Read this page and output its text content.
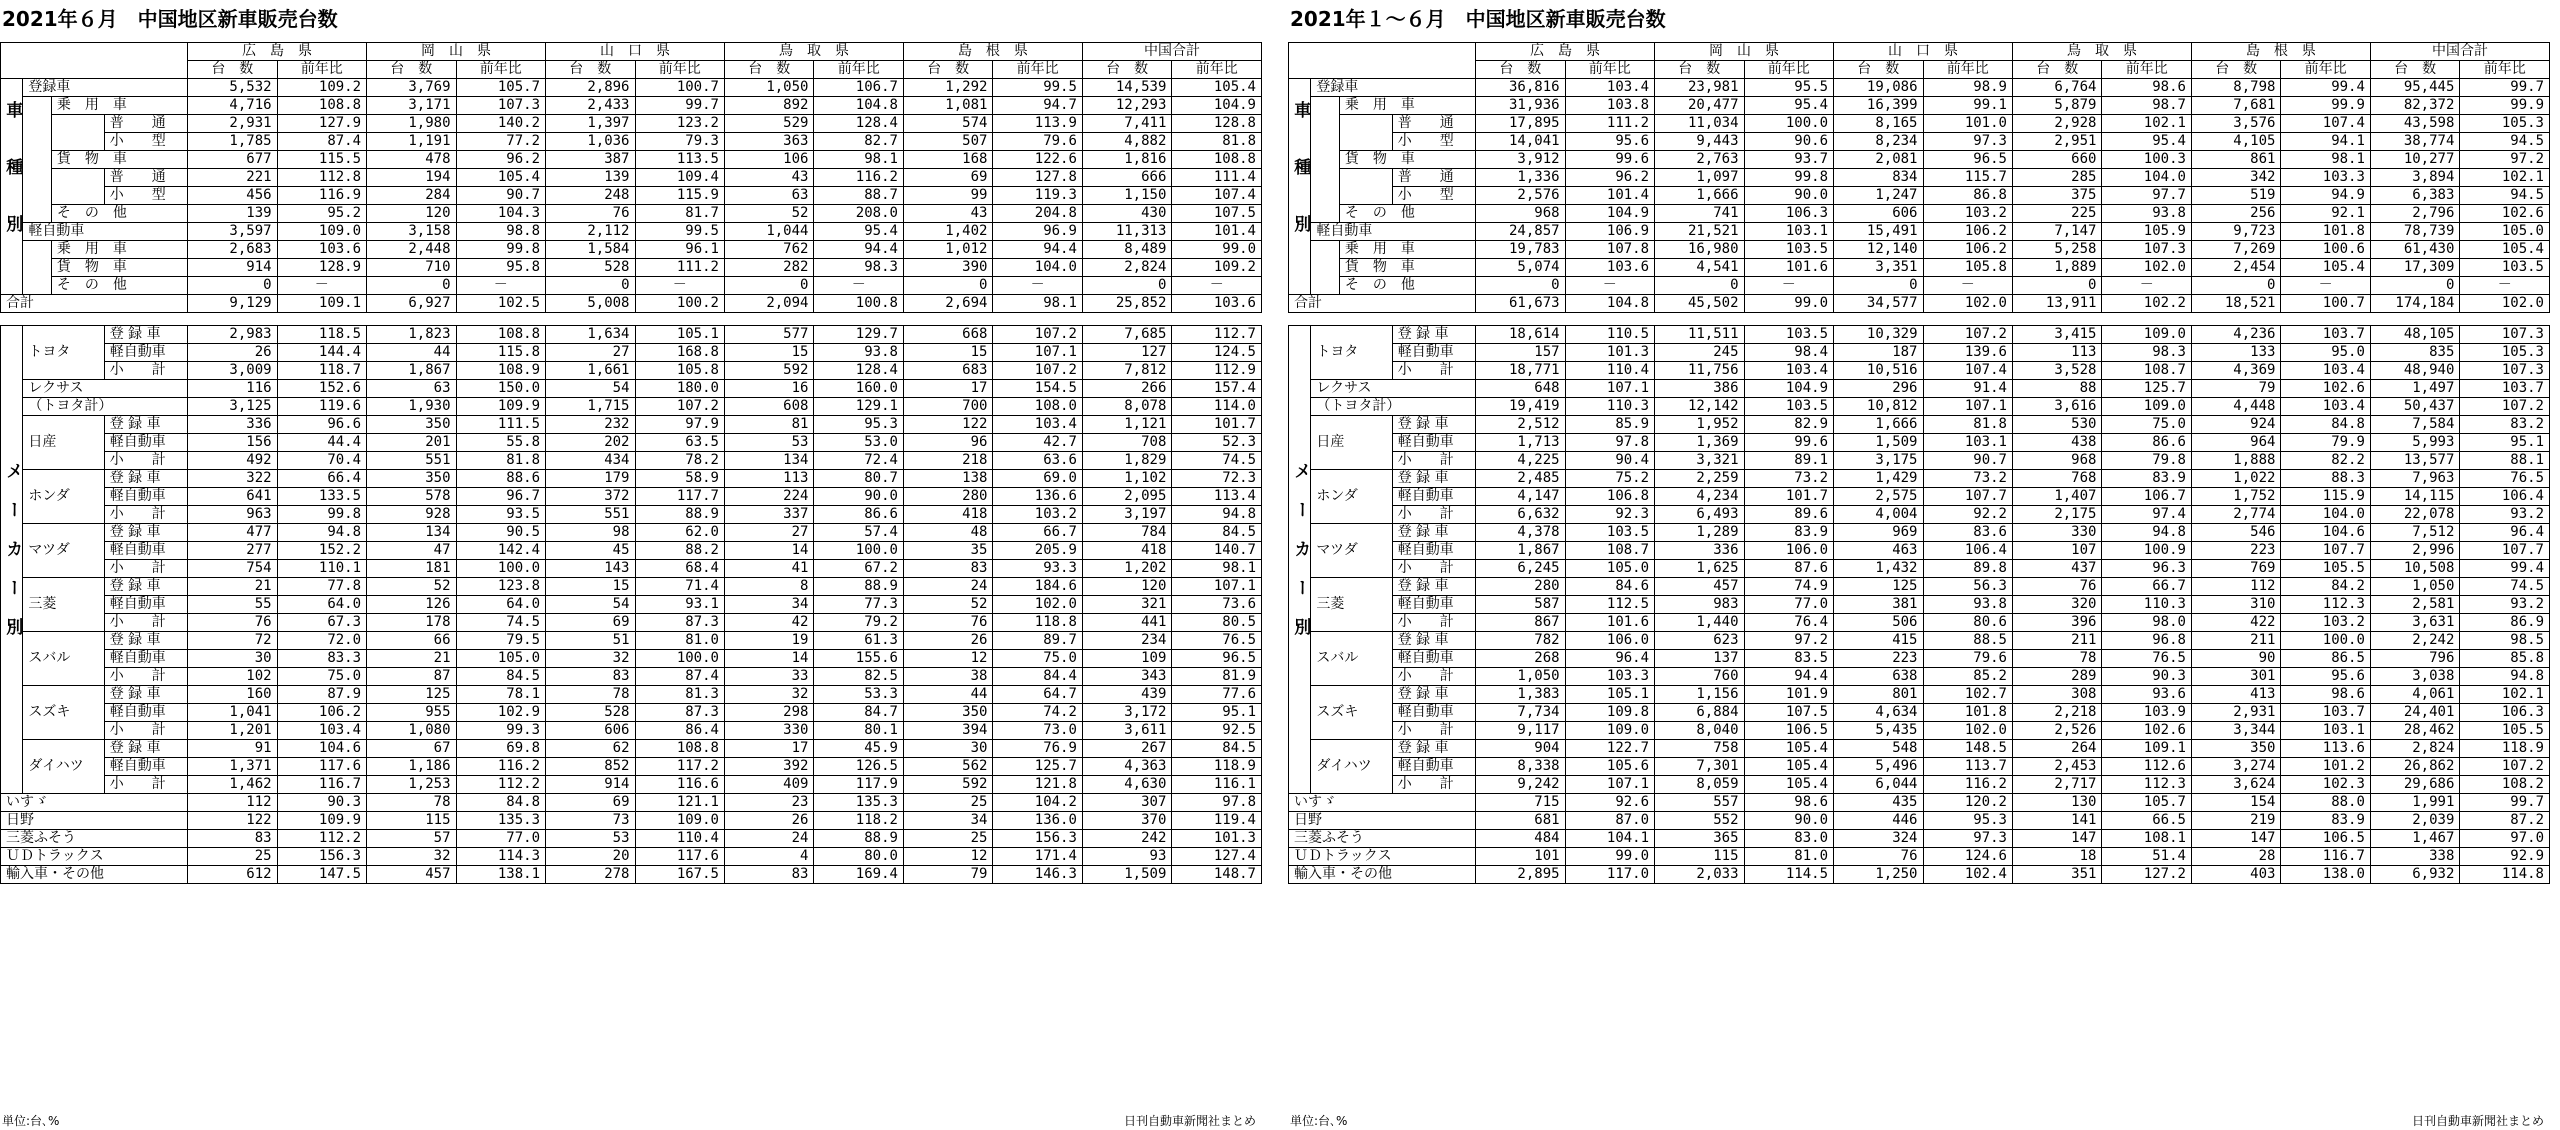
2021年６月　中国地区新車販売台数
				広　島　県		岡　山　県		山　口　県		鳥　取　県		島　根　県		中国合計	
				台　数	前年比	台　数	前年比	台　数	前年比	台　数	前年比	台　数	前年比	台　数	前年比
車種別	登録車			5,532	109.2	3,769	105.7	2,896	100.7	1,050	106.7	1,292	99.5	14,539	105.4
		乗　用　車		4,716	108.8	3,171	107.3	2,433	99.7	892	104.8	1,081	94.7	12,293	104.9
			普　　通	2,931	127.9	1,980	140.2	1,397	123.2	529	128.4	574	113.9	7,411	128.8
			小　　型	1,785	87.4	1,191	77.2	1,036	79.3	363	82.7	507	79.6	4,882	81.8
		貨　物　車		677	115.5	478	96.2	387	113.5	106	98.1	168	122.6	1,816	108.8
			普　　通	221	112.8	194	105.4	139	109.4	43	116.2	69	127.8	666	111.4
			小　　型	456	116.9	284	90.7	248	115.9	63	88.7	99	119.3	1,150	107.4
		そ　の　他		139	95.2	120	104.3	76	81.7	52	208.0	43	204.8	430	107.5
	軽自動車			3,597	109.0	3,158	98.8	2,112	99.5	1,044	95.4	1,402	96.9	11,313	101.4
		乗　用　車		2,683	103.6	2,448	99.8	1,584	96.1	762	94.4	1,012	94.4	8,489	99.0
		貨　物　車		914	128.9	710	95.8	528	111.2	282	98.3	390	104.0	2,824	109.2
		そ　の　他		0	－	0	－	0	－	0	－	0	－	0	－
合計				9,129	109.1	6,927	102.5	5,008	100.2	2,094	100.8	2,694	98.1	25,852	103.6

メーカー別	トヨタ		登 録 車	2,983	118.5	1,823	108.8	1,634	105.1	577	129.7	668	107.2	7,685	112.7
			軽自動車	26	144.4	44	115.8	27	168.8	15	93.8	15	107.1	127	124.5
			小　　計	3,009	118.7	1,867	108.9	1,661	105.8	592	128.4	683	107.2	7,812	112.9
	レクサス			116	152.6	63	150.0	54	180.0	16	160.0	17	154.5	266	157.4
	（トヨタ計）			3,125	119.6	1,930	109.9	1,715	107.2	608	129.1	700	108.0	8,078	114.0
	日産		登 録 車	336	96.6	350	111.5	232	97.9	81	95.3	122	103.4	1,121	101.7
			軽自動車	156	44.4	201	55.8	202	63.5	53	53.0	96	42.7	708	52.3
			小　　計	492	70.4	551	81.8	434	78.2	134	72.4	218	63.6	1,829	74.5
	ホンダ		登 録 車	322	66.4	350	88.6	179	58.9	113	80.7	138	69.0	1,102	72.3
			軽自動車	641	133.5	578	96.7	372	117.7	224	90.0	280	136.6	2,095	113.4
			小　　計	963	99.8	928	93.5	551	88.9	337	86.6	418	103.2	3,197	94.8
	マツダ		登 録 車	477	94.8	134	90.5	98	62.0	27	57.4	48	66.7	784	84.5
			軽自動車	277	152.2	47	142.4	45	88.2	14	100.0	35	205.9	418	140.7
			小　　計	754	110.1	181	100.0	143	68.4	41	67.2	83	93.3	1,202	98.1
	三菱		登 録 車	21	77.8	52	123.8	15	71.4	8	88.9	24	184.6	120	107.1
			軽自動車	55	64.0	126	64.0	54	93.1	34	77.3	52	102.0	321	73.6
			小　　計	76	67.3	178	74.5	69	87.3	42	79.2	76	118.8	441	80.5
	スバル		登 録 車	72	72.0	66	79.5	51	81.0	19	61.3	26	89.7	234	76.5
			軽自動車	30	83.3	21	105.0	32	100.0	14	155.6	12	75.0	109	96.5
			小　　計	102	75.0	87	84.5	83	87.4	33	82.5	38	84.4	343	81.9
	スズキ		登 録 車	160	87.9	125	78.1	78	81.3	32	53.3	44	64.7	439	77.6
			軽自動車	1,041	106.2	955	102.9	528	87.3	298	84.7	350	74.2	3,172	95.1
			小　　計	1,201	103.4	1,080	99.3	606	86.4	330	80.1	394	73.0	3,611	92.5
	ダイハツ		登 録 車	91	104.6	67	69.8	62	108.8	17	45.9	30	76.9	267	84.5
			軽自動車	1,371	117.6	1,186	116.2	852	117.2	392	126.5	562	125.7	4,363	118.9
			小　　計	1,462	116.7	1,253	112.2	914	116.6	409	117.9	592	121.8	4,630	116.1
いすゞ				112	90.3	78	84.8	69	121.1	23	135.3	25	104.2	307	97.8
日野				122	109.9	115	135.3	73	109.0	26	118.2	34	136.0	370	119.4
三菱ふそう				83	112.2	57	77.0	53	110.4	24	88.9	25	156.3	242	101.3
ＵＤトラックス				25	156.3	32	114.3	20	117.6	4	80.0	12	171.4	93	127.4
輸入車・その他				612	147.5	457	138.1	278	167.5	83	169.4	79	146.3	1,509	148.7
単位:台､%	日刊自動車新聞社まとめ
2021年１～６月　中国地区新車販売台数
				広　島　県		岡　山　県		山　口　県		鳥　取　県		島　根　県		中国合計	
				台　数	前年比	台　数	前年比	台　数	前年比	台　数	前年比	台　数	前年比	台　数	前年比
車種別	登録車			36,816	103.4	23,981	95.5	19,086	98.9	6,764	98.6	8,798	99.4	95,445	99.7
		乗　用　車		31,936	103.8	20,477	95.4	16,399	99.1	5,879	98.7	7,681	99.9	82,372	99.9
			普　　通	17,895	111.2	11,034	100.0	8,165	101.0	2,928	102.1	3,576	107.4	43,598	105.3
			小　　型	14,041	95.6	9,443	90.6	8,234	97.3	2,951	95.4	4,105	94.1	38,774	94.5
		貨　物　車		3,912	99.6	2,763	93.7	2,081	96.5	660	100.3	861	98.1	10,277	97.2
			普　　通	1,336	96.2	1,097	99.8	834	115.7	285	104.0	342	103.3	3,894	102.1
			小　　型	2,576	101.4	1,666	90.0	1,247	86.8	375	97.7	519	94.9	6,383	94.5
		そ　の　他		968	104.9	741	106.3	606	103.2	225	93.8	256	92.1	2,796	102.6
	軽自動車			24,857	106.9	21,521	103.1	15,491	106.2	7,147	105.9	9,723	101.8	78,739	105.0
		乗　用　車		19,783	107.8	16,980	103.5	12,140	106.2	5,258	107.3	7,269	100.6	61,430	105.4
		貨　物　車		5,074	103.6	4,541	101.6	3,351	105.8	1,889	102.0	2,454	105.4	17,309	103.5
		そ　の　他		0	－	0	－	0	－	0	－	0	－	0	－
合計				61,673	104.8	45,502	99.0	34,577	102.0	13,911	102.2	18,521	100.7	174,184	102.0

メーカー別	トヨタ		登 録 車	18,614	110.5	11,511	103.5	10,329	107.2	3,415	109.0	4,236	103.7	48,105	107.3
			軽自動車	157	101.3	245	98.4	187	139.6	113	98.3	133	95.0	835	105.3
			小　　計	18,771	110.4	11,756	103.4	10,516	107.4	3,528	108.7	4,369	103.4	48,940	107.3
	レクサス			648	107.1	386	104.9	296	91.4	88	125.7	79	102.6	1,497	103.7
	（トヨタ計）			19,419	110.3	12,142	103.5	10,812	107.1	3,616	109.0	4,448	103.4	50,437	107.2
	日産		登 録 車	2,512	85.9	1,952	82.9	1,666	81.8	530	75.0	924	84.8	7,584	83.2
			軽自動車	1,713	97.8	1,369	99.6	1,509	103.1	438	86.6	964	79.9	5,993	95.1
			小　　計	4,225	90.4	3,321	89.1	3,175	90.7	968	79.8	1,888	82.2	13,577	88.1
	ホンダ		登 録 車	2,485	75.2	2,259	73.2	1,429	73.2	768	83.9	1,022	88.3	7,963	76.5
			軽自動車	4,147	106.8	4,234	101.7	2,575	107.7	1,407	106.7	1,752	115.9	14,115	106.4
			小　　計	6,632	92.3	6,493	89.6	4,004	92.2	2,175	97.4	2,774	104.0	22,078	93.2
	マツダ		登 録 車	4,378	103.5	1,289	83.9	969	83.6	330	94.8	546	104.6	7,512	96.4
			軽自動車	1,867	108.7	336	106.0	463	106.4	107	100.9	223	107.7	2,996	107.7
			小　　計	6,245	105.0	1,625	87.6	1,432	89.8	437	96.3	769	105.5	10,508	99.4
	三菱		登 録 車	280	84.6	457	74.9	125	56.3	76	66.7	112	84.2	1,050	74.5
			軽自動車	587	112.5	983	77.0	381	93.8	320	110.3	310	112.3	2,581	93.2
			小　　計	867	101.6	1,440	76.4	506	80.6	396	98.0	422	103.2	3,631	86.9
	スバル		登 録 車	782	106.0	623	97.2	415	88.5	211	96.8	211	100.0	2,242	98.5
			軽自動車	268	96.4	137	83.5	223	79.6	78	76.5	90	86.5	796	85.8
			小　　計	1,050	103.3	760	94.4	638	85.2	289	90.3	301	95.6	3,038	94.8
	スズキ		登 録 車	1,383	105.1	1,156	101.9	801	102.7	308	93.6	413	98.6	4,061	102.1
			軽自動車	7,734	109.8	6,884	107.5	4,634	101.8	2,218	103.9	2,931	103.7	24,401	106.3
			小　　計	9,117	109.0	8,040	106.5	5,435	102.0	2,526	102.6	3,344	103.1	28,462	105.5
	ダイハツ		登 録 車	904	122.7	758	105.4	548	148.5	264	109.1	350	113.6	2,824	118.9
			軽自動車	8,338	105.6	7,301	105.4	5,496	113.7	2,453	112.6	3,274	101.2	26,862	107.2
			小　　計	9,242	107.1	8,059	105.4	6,044	116.2	2,717	112.3	3,624	102.3	29,686	108.2
いすゞ				715	92.6	557	98.6	435	120.2	130	105.7	154	88.0	1,991	99.7
日野				681	87.0	552	90.0	446	95.3	141	66.5	219	83.9	2,039	87.2
三菱ふそう				484	104.1	365	83.0	324	97.3	147	108.1	147	106.5	1,467	97.0
ＵＤトラックス				101	99.0	115	81.0	76	124.6	18	51.4	28	116.7	338	92.9
輸入車・その他				2,895	117.0	2,033	114.5	1,250	102.4	351	127.2	403	138.0	6,932	114.8
単位:台､%	日刊自動車新聞社まとめ
